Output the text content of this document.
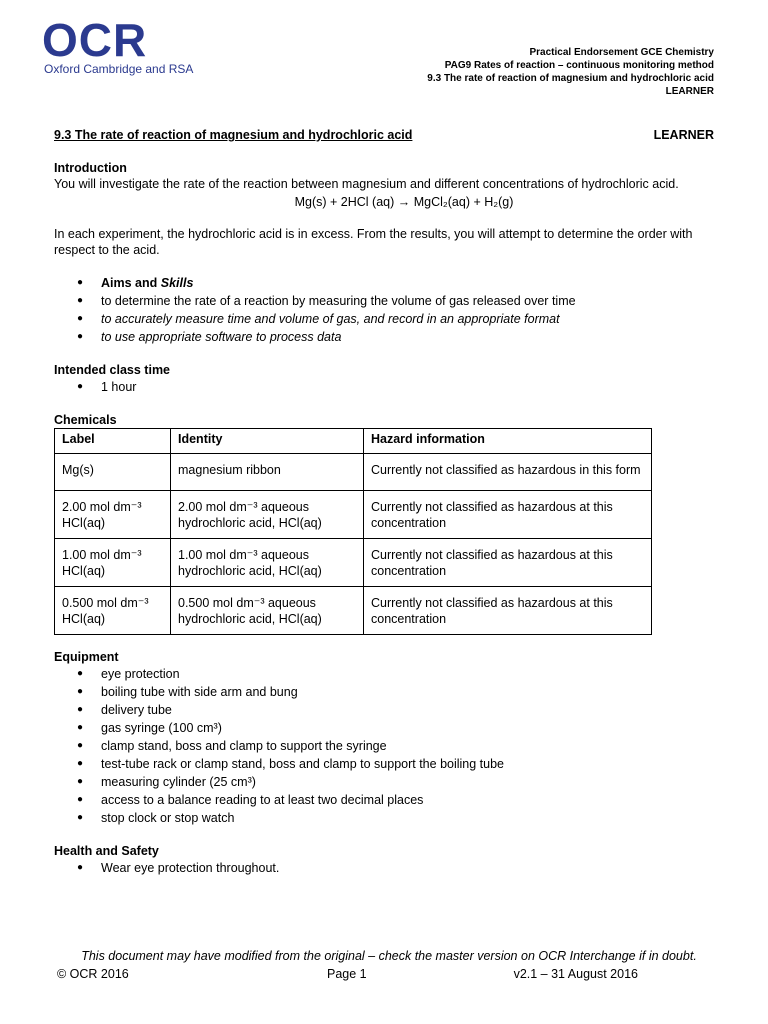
OCR
Oxford Cambridge and RSA
Practical Endorsement GCE Chemistry
PAG9 Rates of reaction – continuous monitoring method
9.3 The rate of reaction of magnesium and hydrochloric acid
LEARNER
9.3 The rate of reaction of magnesium and hydrochloric acid	LEARNER
Introduction

You will investigate the rate of the reaction between magnesium and different concentrations of hydrochloric acid.

Mg(s) + 2HCl (aq) → MgCl₂(aq) + H₂(g)

In each experiment, the hydrochloric acid is in excess. From the results, you will attempt to determine the order with respect to the acid.

● Aims and Skills
● to determine the rate of a reaction by measuring the volume of gas released over time
● to accurately measure time and volume of gas, and record in an appropriate format
● to use appropriate software to process data
Intended class time
● 1 hour
Chemicals
Label	Identity	Hazard information
Mg(s)	magnesium ribbon	Currently not classified as hazardous in this form
2.00 mol dm⁻³ HCl(aq)	2.00 mol dm⁻³ aqueous hydrochloric acid, HCl(aq)	Currently not classified as hazardous at this concentration
1.00 mol dm⁻³ HCl(aq)	1.00 mol dm⁻³ aqueous hydrochloric acid, HCl(aq)	Currently not classified as hazardous at this concentration
0.500 mol dm⁻³ HCl(aq)	0.500 mol dm⁻³ aqueous hydrochloric acid, HCl(aq)	Currently not classified as hazardous at this concentration
Equipment
● eye protection
● boiling tube with side arm and bung
● delivery tube
● gas syringe (100 cm³)
● clamp stand, boss and clamp to support the syringe
● test-tube rack or clamp stand, boss and clamp to support the boiling tube
● measuring cylinder (25 cm³)
● access to a balance reading to at least two decimal places
● stop clock or stop watch
Health and Safety
● Wear eye protection throughout.
This document may have modified from the original – check the master version on OCR Interchange if in doubt.
© OCR 2016	Page 1	v2.1 – 31 August 2016
